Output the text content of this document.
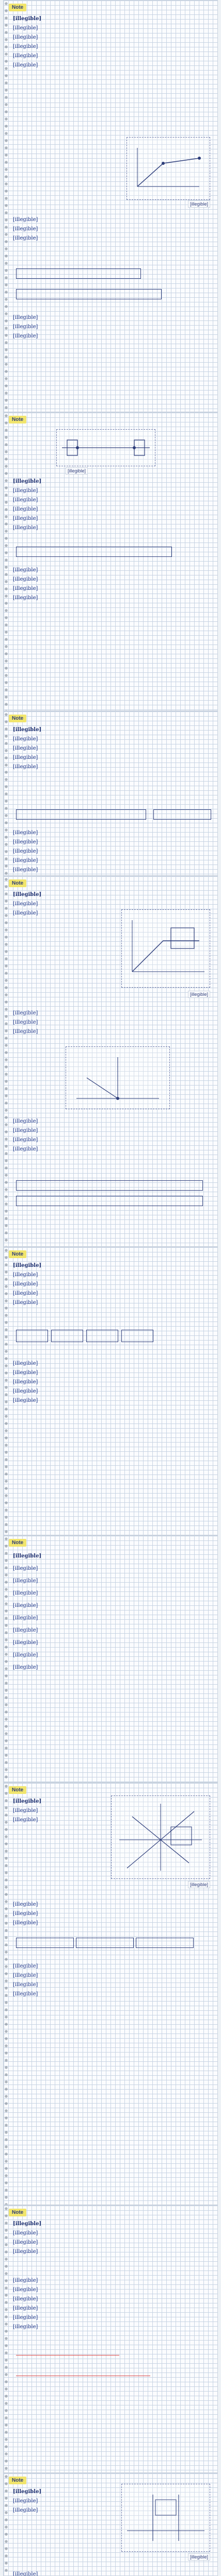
Note
[illegible]
[illegible]
[illegible]
[illegible]
[illegible]
[illegible]
[illegible]
[illegible]
[illegible]
[illegible]
[illegible]
[illegible]
[illegible]
Note
[illegible]
[illegible]
[illegible]
[illegible]
[illegible]
[illegible]
[illegible]
[illegible]
[illegible]
[illegible]
[illegible]
Note
[illegible]
[illegible]
[illegible]
[illegible]
[illegible]
[illegible]
[illegible]
[illegible]
[illegible]
[illegible]
Note
[illegible]
[illegible]
[illegible]
[illegible]
[illegible]
[illegible]
[illegible]
[illegible]
[illegible]
[illegible]
[illegible]
Note
[illegible]
[illegible]
[illegible]
[illegible]
[illegible]
[illegible]
[illegible]
[illegible]
[illegible]
[illegible]
Note
[illegible]
[illegible]
[illegible]
[illegible]
[illegible]
[illegible]
[illegible]
[illegible]
[illegible]
[illegible]
Note
[illegible]
[illegible]
[illegible]
[illegible]
[illegible]
[illegible]
[illegible]
[illegible]
[illegible]
[illegible]
[illegible]
Note
[illegible]
[illegible]
[illegible]
[illegible]
[illegible]
[illegible]
[illegible]
[illegible]
[illegible]
[illegible]
Note
[illegible]
[illegible]
[illegible]
[illegible]
[illegible]
